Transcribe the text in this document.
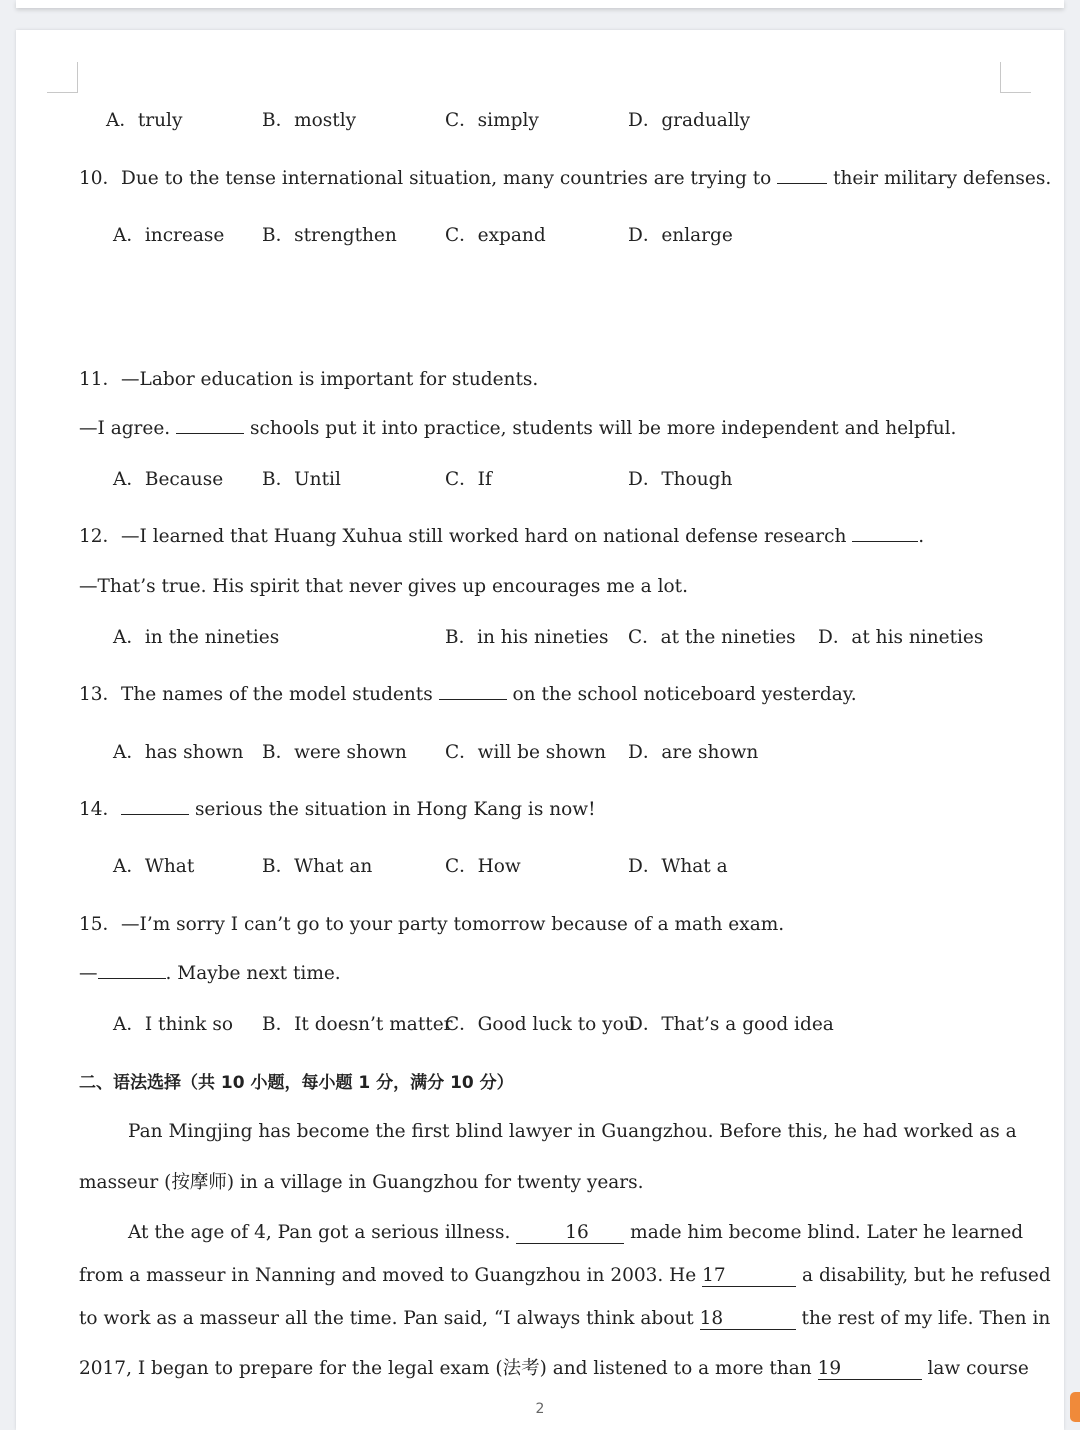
A．truly	B．mostly	C．simply	D．gradually
10．Due to the tense international situation, many countries are trying to	their military defenses.
A．increase B．strengthen	C．expand	D．enlarge
11．—Labor education is important for students.
—I agree.	schools put it into practice, students will be more independent and helpful.
A．Because B．Until	C．If	D．Though
12．—I learned that Huang Xuhua still worked hard on national defense research	.
—That’s true. His spirit that never gives up encourages me a lot.
A．in the nineties	B．in his nineties C．at the nineties D．at his nineties
13．The names of the model students	on the school noticeboard yesterday.
A．has shown B．were shown C．will be shown D．are shown
14．	serious the situation in Hong Kang is now!
A．What	B．What an	C．How	D．What a
15．—I’m sorry I can’t go to your party tomorrow because of a math exam.
—	. Maybe next time.
A．I think so B．It doesn’t matter
C．Good luck to you
D．That’s a good idea
二、语法选择（共 10 小题，每小题 1 分，满分 10 分）
Pan Mingjing has become the first blind lawyer in Guangzhou. Before this, he had worked as a
masseur (按摩师) in a village in Guangzhou for twenty years.
At the age of 4, Pan got a serious illness.	16 made him become blind. Later he learned
from a masseur in Nanning and moved to Guangzhou in 2003. He 17	a disability, but he refused
to work as a masseur all the time. Pan said, “I always think about 18	the rest of my life. Then in
2017, I began to prepare for the legal exam (法考) and listened to a more than 19	law course
2
